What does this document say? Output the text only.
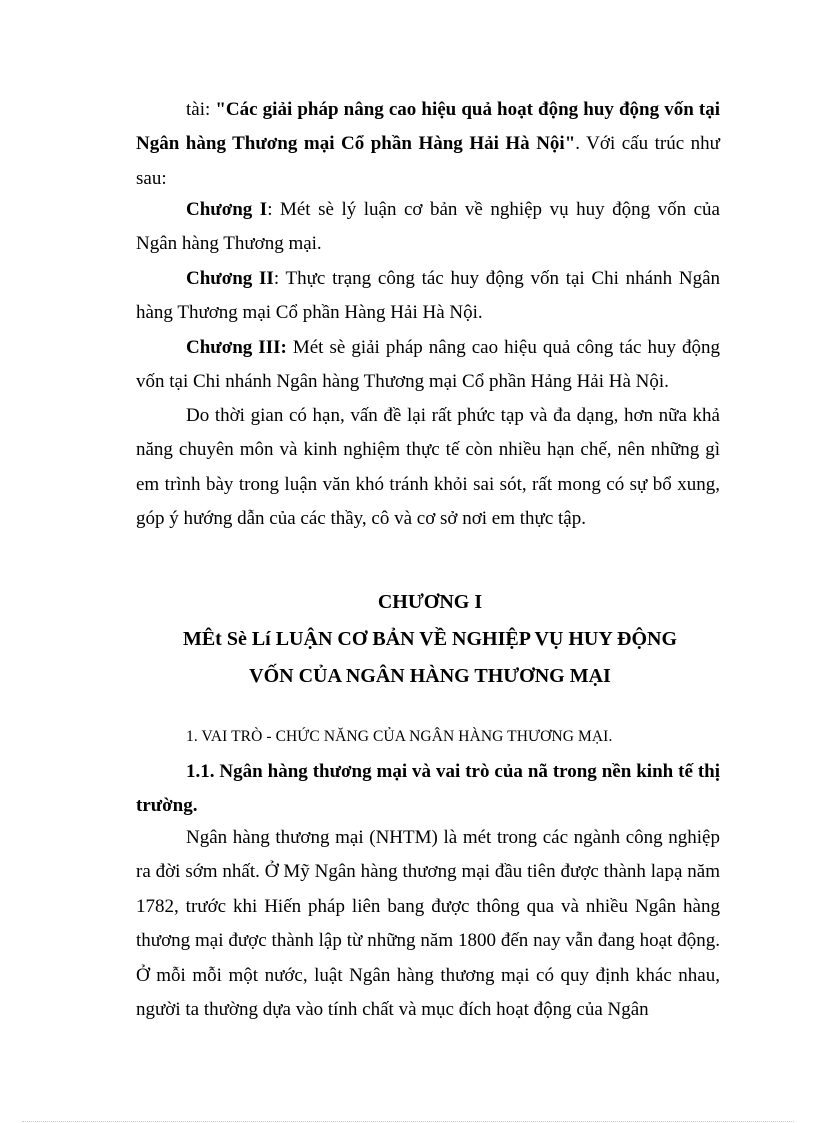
tài: "Các giải pháp nâng cao hiệu quả hoạt động huy động vốn tại Ngân hàng Thương mại Cổ phần Hàng Hải Hà Nội". Với cấu trúc như sau:

Chương I: Mét sè lý luận cơ bản về nghiệp vụ huy động vốn của Ngân hàng Thương mại.

Chương II: Thực trạng công tác huy động vốn tại Chi nhánh Ngân hàng Thương mại Cổ phần Hàng Hải Hà Nội.

Chương III: Mét sè giải pháp nâng cao hiệu quả công tác huy động vốn tại Chi nhánh Ngân hàng Thương mại Cổ phần Hảng Hải Hà Nội.

Do thời gian có hạn, vấn đề lại rất phức tạp và đa dạng, hơn nữa khả năng chuyên môn và kinh nghiệm thực tế còn nhiều hạn chế, nên những gì em trình bày trong luận văn khó tránh khỏi sai sót, rất mong có sự bổ xung, góp ý hướng dẫn của các thầy, cô và cơ sở nơi em thực tập.

CHƯƠNG I

MÊt Sè Lí LUẬN CƠ BẢN VỀ NGHIỆP VỤ HUY ĐỘNG

VỐN CỦA NGÂN HÀNG THƯƠNG MẠI

1. VAI TRÒ - CHỨC NĂNG CỦA NGÂN HÀNG THƯƠNG MẠI.

1.1. Ngân hàng thương mại và vai trò của nã trong nền kinh tế thị trường.

Ngân hàng thương mại (NHTM) là mét trong các ngành công nghiệp ra đời sớm nhất. Ở Mỹ Ngân hàng thương mại đầu tiên được thành lapạ năm 1782, trước khi Hiến pháp liên bang được thông qua và nhiều Ngân hàng thương mại được thành lập từ những năm 1800 đến nay vẫn đang hoạt động. Ở mỗi mỗi một nước, luật Ngân hàng thương mại có quy định khác nhau, người ta thường dựa vào tính chất và mục đích hoạt động của Ngân
